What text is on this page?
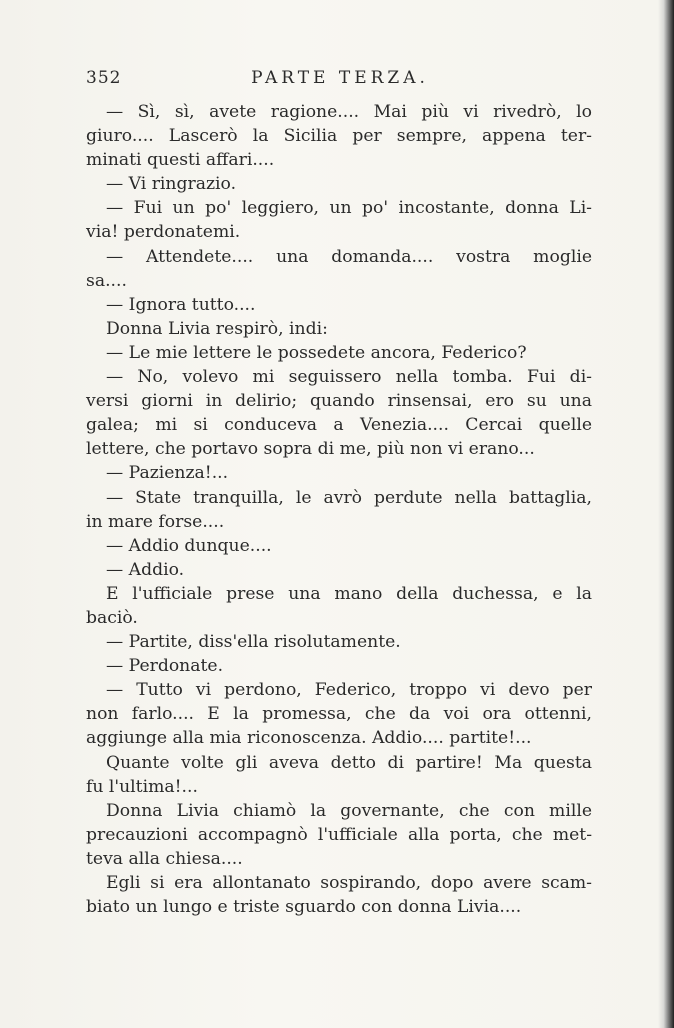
352	PARTE TERZA.
— Sì, sì, avete ragione.... Mai più vi rivedrò, lo
giuro.... Lascerò la Sicilia per sempre, appena ter-
minati questi affari....
— Vi ringrazio.
— Fui un po' leggiero, un po' incostante, donna Li-
via! perdonatemi.
— Attendete.... una domanda.... vostra moglie
sa....
— Ignora tutto....
Donna Livia respirò, indi:
— Le mie lettere le possedete ancora, Federico?
— No, volevo mi seguissero nella tomba. Fui di-
versi giorni in delirio; quando rinsensai, ero su una
galea; mi si conduceva a Venezia.... Cercai quelle
lettere, che portavo sopra di me, più non vi erano...
— Pazienza!...
— State tranquilla, le avrò perdute nella battaglia,
in mare forse....
— Addio dunque....
— Addio.
E l'ufficiale prese una mano della duchessa, e la
baciò.
— Partite, diss'ella risolutamente.
— Perdonate.
— Tutto vi perdono, Federico, troppo vi devo per
non farlo.... E la promessa, che da voi ora ottenni,
aggiunge alla mia riconoscenza. Addio.... partite!...
Quante volte gli aveva detto di partire! Ma questa
fu l'ultima!...
Donna Livia chiamò la governante, che con mille
precauzioni accompagnò l'ufficiale alla porta, che met-
teva alla chiesa....
Egli si era allontanato sospirando, dopo avere scam-
biato un lungo e triste sguardo con donna Livia....
